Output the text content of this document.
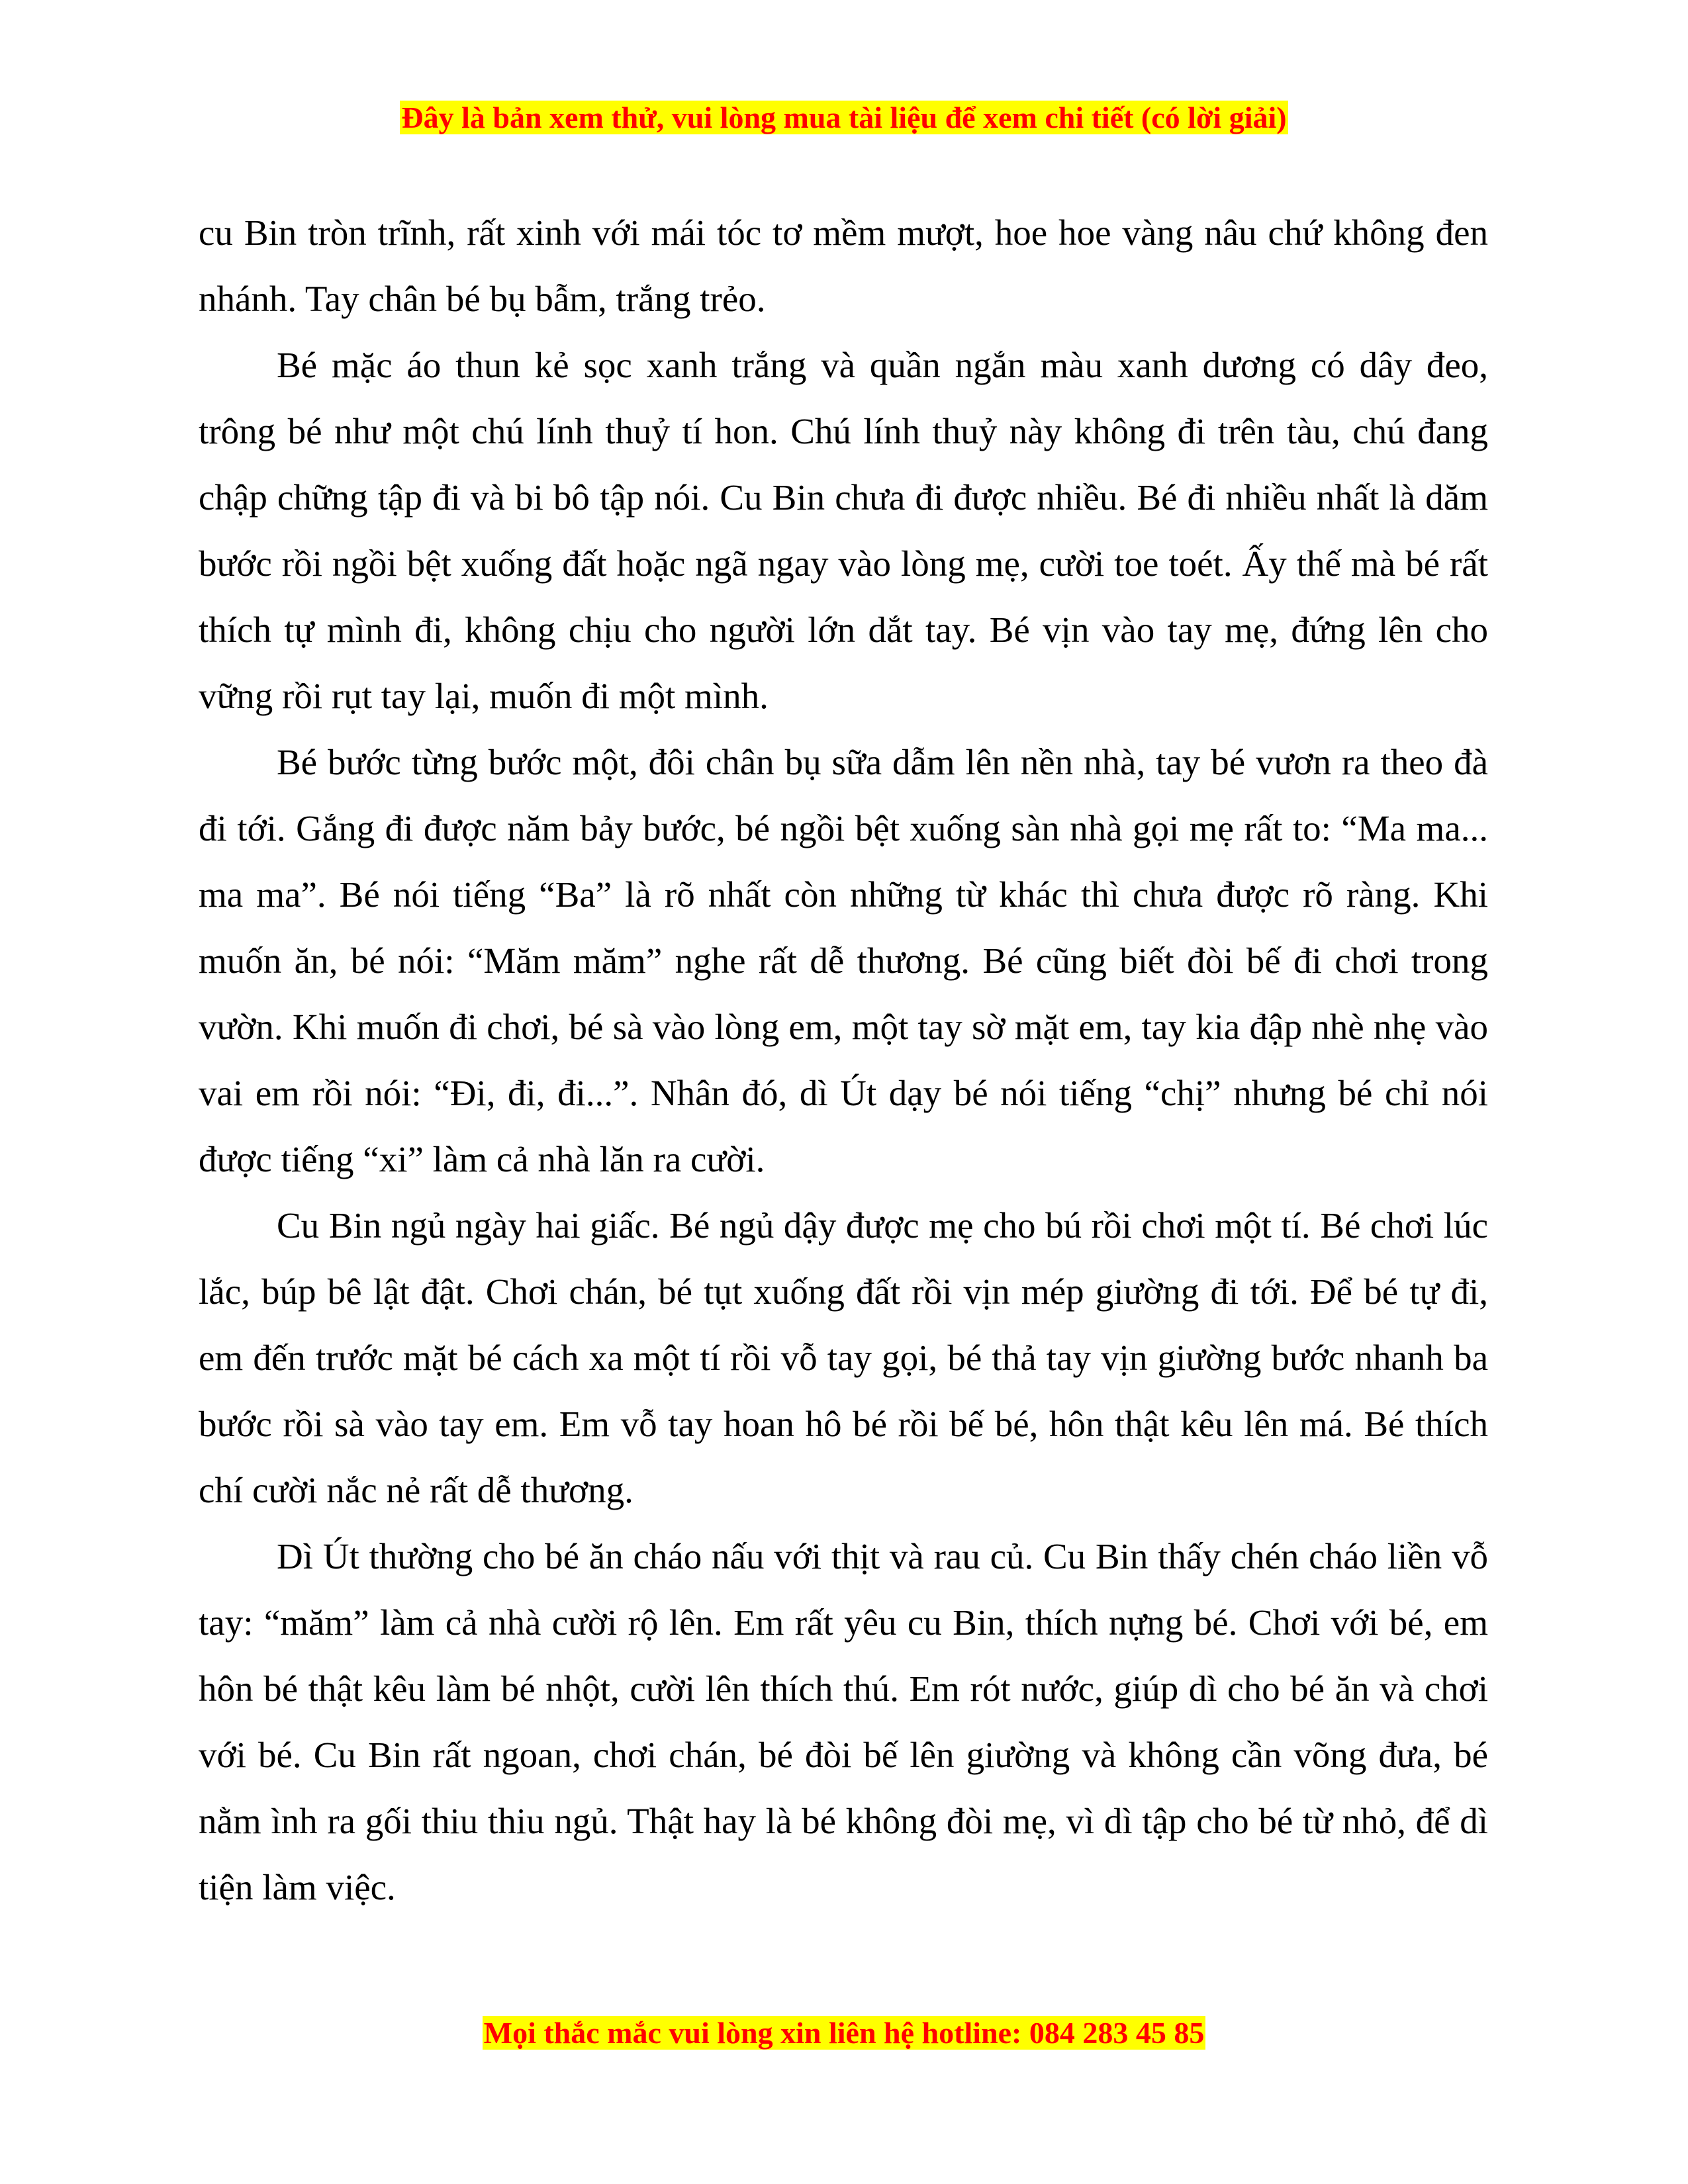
Đây là bản xem thử, vui lòng mua tài liệu để xem chi tiết (có lời giải)

cu Bin tròn trĩnh, rất xinh với mái tóc tơ mềm mượt, hoe hoe vàng nâu chứ không đen nhánh. Tay chân bé bụ bẫm, trắng trẻo.

Bé mặc áo thun kẻ sọc xanh trắng và quần ngắn màu xanh dương có dây đeo, trông bé như một chú lính thuỷ tí hon. Chú lính thuỷ này không đi trên tàu, chú đang chập chững tập đi và bi bô tập nói. Cu Bin chưa đi được nhiều. Bé đi nhiều nhất là dăm bước rồi ngồi bệt xuống đất hoặc ngã ngay vào lòng mẹ, cười toe toét. Ấy thế mà bé rất thích tự mình đi, không chịu cho người lớn dắt tay. Bé vịn vào tay mẹ, đứng lên cho vững rồi rụt tay lại, muốn đi một mình.

Bé bước từng bước một, đôi chân bụ sữa dẫm lên nền nhà, tay bé vươn ra theo đà đi tới. Gắng đi được năm bảy bước, bé ngồi bệt xuống sàn nhà gọi mẹ rất to: “Ma ma... ma ma”. Bé nói tiếng “Ba” là rõ nhất còn những từ khác thì chưa được rõ ràng. Khi muốn ăn, bé nói: “Măm măm” nghe rất dễ thương. Bé cũng biết đòi bế đi chơi trong vườn. Khi muốn đi chơi, bé sà vào lòng em, một tay sờ mặt em, tay kia đập nhè nhẹ vào vai em rồi nói: “Đi, đi, đi...”. Nhân đó, dì Út dạy bé nói tiếng “chị” nhưng bé chỉ nói được tiếng “xi” làm cả nhà lăn ra cười.

Cu Bin ngủ ngày hai giấc. Bé ngủ dậy được mẹ cho bú rồi chơi một tí. Bé chơi lúc lắc, búp bê lật đật. Chơi chán, bé tụt xuống đất rồi vịn mép giường đi tới. Để bé tự đi, em đến trước mặt bé cách xa một tí rồi vỗ tay gọi, bé thả tay vịn giường bước nhanh ba bước rồi sà vào tay em. Em vỗ tay hoan hô bé rồi bế bé, hôn thật kêu lên má. Bé thích chí cười nắc nẻ rất dễ thương.

Dì Út thường cho bé ăn cháo nấu với thịt và rau củ. Cu Bin thấy chén cháo liền vỗ tay: “măm” làm cả nhà cười rộ lên. Em rất yêu cu Bin, thích nựng bé. Chơi với bé, em hôn bé thật kêu làm bé nhột, cười lên thích thú. Em rót nước, giúp dì cho bé ăn và chơi với bé. Cu Bin rất ngoan, chơi chán, bé đòi bế lên giường và không cần võng đưa, bé nằm ình ra gối thiu thiu ngủ. Thật hay là bé không đòi mẹ, vì dì tập cho bé từ nhỏ, để dì tiện làm việc.

Mọi thắc mắc vui lòng xin liên hệ hotline: 084 283 45 85
